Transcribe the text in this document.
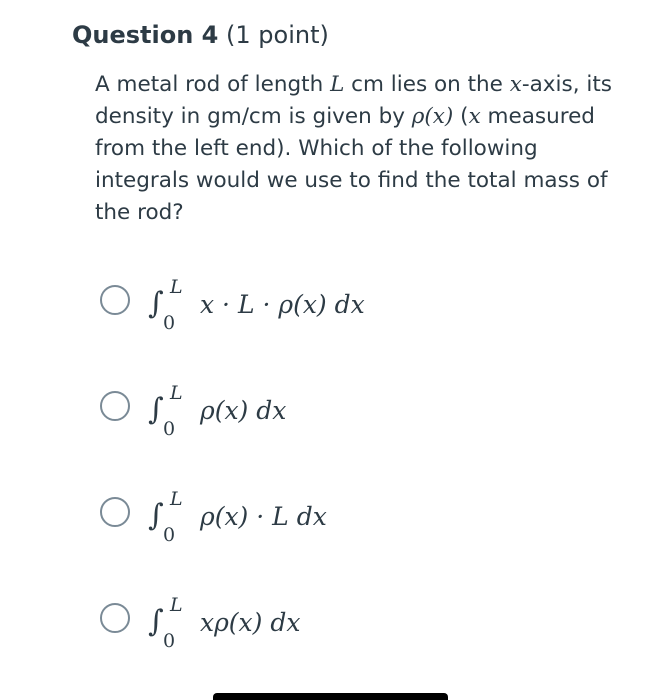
Question 4 (1 point)
A metal rod of length L cm lies on the x-axis, its density in gm/cm is given by ρ(x) (x measured from the left end). Which of the following integrals would we use to find the total mass of the rod?
∫ L
0
x · L · ρ(x) dx
∫ L
0
ρ(x) dx
∫ L
0
ρ(x) · L dx
∫ L
0
xρ(x) dx
